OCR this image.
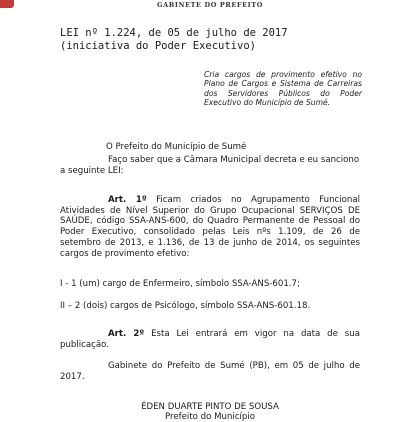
GABINETE DO PREFEITO
LEI nº 1.224, de 05 de julho de 2017
(iniciativa do Poder Executivo)
Cria cargos de provimento efetivo no Plano de Cargos e Sistema de Carreiras dos Servidores Públicos do Poder Executivo do Município de Sumé.
O Prefeito do Município de Sumé
Faço saber que a Câmara Municipal decreta e eu sanciono a seguinte LEI:
Art. 1º Ficam criados no Agrupamento Funcional Atividades de Nível Superior do Grupo Ocupacional SERVIÇOS DE SAÚDE, código SSA-ANS-600, do Quadro Permanente de Pessoal do Poder Executivo, consolidado pelas Leis nºs 1.109, de 26 de setembro de 2013, e 1.136, de 13 de junho de 2014, os seguintes cargos de provimento efetivo:
I - 1 (um) cargo de Enfermeiro, símbolo SSA-ANS-601.7;
II – 2 (dois) cargos de Psicólogo, símbolo SSA-ANS-601.18.
Art. 2º Esta Lei entrará em vigor na data de sua publicação.
Gabinete do Prefeito de Sumé (PB), em 05 de julho de 2017.
ÉDEN DUARTE PINTO DE SOUSA
Prefeito do Município
